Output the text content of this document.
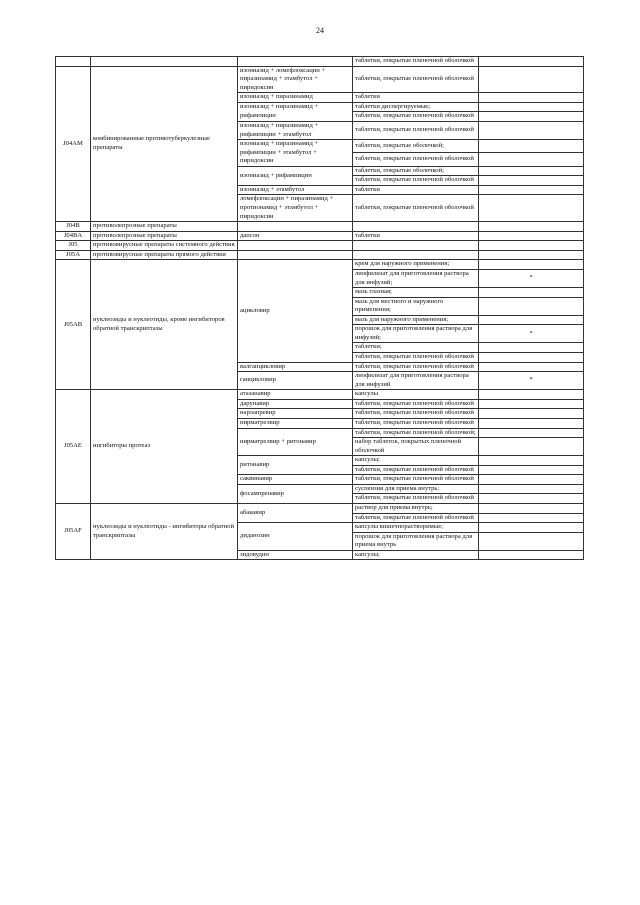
24
			таблетки, покрытые пленочной оболочкой	
J04AM	комбинированные противотуберкулезные препараты	изониазид + ломефлоксацин + пиразинамид + этамбутол + пиридоксин	таблетки, покрытые пленочной оболочкой	
		изониазид + пиразинамид	таблетки	
		изониазид + пиразинамид + рифампицин	таблетки диспергируемые;	
			таблетки, покрытые пленочной оболочкой	
		изониазид + пиразинамид + рифампицин + этамбутол	таблетки, покрытые пленочной оболочкой	
		изониазид + пиразинамид + рифампицин + этамбутол + пиридоксин	таблетки, покрытые оболочкой;	
			таблетки, покрытые пленочной оболочкой	
		изониазид + рифампицин	таблетки, покрытые оболочкой;	
			таблетки, покрытые пленочной оболочкой	
		изониазид + этамбутол	таблетки	
		ломефлоксацин + пиразинамид + протионамид + этамбутол + пиридоксин	таблетки, покрытые пленочной оболочкой	
J04B	противолепрозные препараты			
J04BA	противолепрозные препараты	дапсон	таблетки	
J05	противовирусные препараты системного действия			
J05A	противовирусные препараты прямого действия			
J05AB	нуклеозиды и нуклеотиды, кроме ингибиторов обратной транскриптазы	ацикловир	крем для наружного применения;	
			лиофилизат для приготовления раствора для инфузий;	*
			мазь глазная;	
			мазь для местного и наружного применения;	
			мазь для наружного применения;	
			порошок для приготовления раствора для инфузий;	*
			таблетки;	
			таблетки, покрытые пленочной оболочкой	
		валганцикловир	таблетки, покрытые пленочной оболочкой	
		ганцикловир	лиофилизат для приготовления раствора для инфузий	*
J05AE	ингибиторы протеаз	атазанавир	капсулы	
		дарунавир	таблетки, покрытые пленочной оболочкой	
		нарлапревир	таблетки, покрытые пленочной оболочкой	
		нирматрелвир	таблетки, покрытые пленочной оболочкой	
		нирматрелвир + ритонавир	таблетки, покрытые пленочной оболочкой;	
			набор таблеток, покрытых пленочной оболочкой	
		ритонавир	капсулы;	
			таблетки, покрытые пленочной оболочкой	
		саквинавир	таблетки, покрытые пленочной оболочкой	
		фосампренавир	суспензия для приема внутрь;	
			таблетки, покрытые пленочной оболочкой	
J05AF	нуклеозиды и нуклеотиды - ингибиторы обратной транскриптазы	абакавир	раствор для приема внутрь;	
			таблетки, покрытые пленочной оболочкой	
		диданозин	капсулы кишечнорастворимые;	
			порошок для приготовления раствора для приема внутрь	
		зидовудин	капсулы;	
